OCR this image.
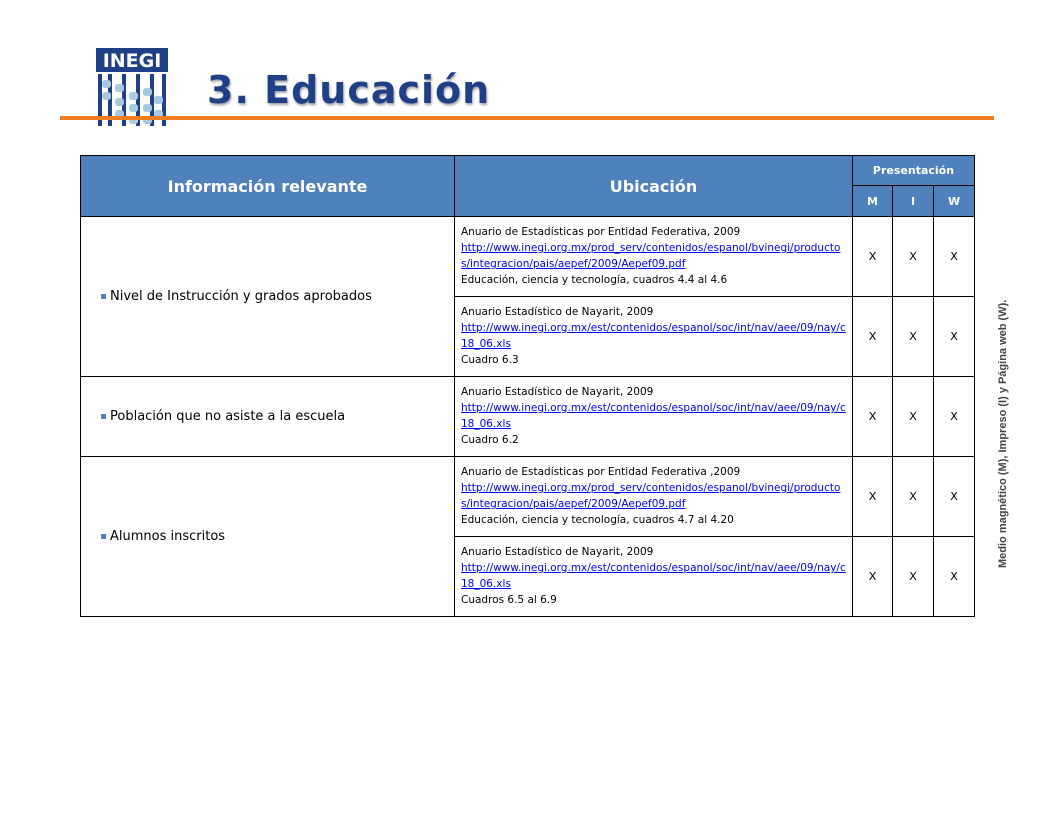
INEGI
3. Educación
Información relevante	Ubicación	Presentación		
		M	I	W
Nivel de Instrucción y grados aprobados	Anuario de Estadísticas por Entidad Federativa, 2009
http://www.inegi.org.mx/prod_serv/contenidos/espanol/bvinegi/productos/integracion/pais/aepef/2009/Aepef09.pdf
Educación, ciencia y tecnología, cuadros 4.4 al 4.6	X	X	X

	Anuario Estadístico de Nayarit, 2009
http://www.inegi.org.mx/est/contenidos/espanol/soc/int/nav/aee/09/nay/c18_06.xls
Cuadro 6.3	X	X	X
Población que no asiste a la escuela	Anuario Estadístico de Nayarit, 2009
http://www.inegi.org.mx/est/contenidos/espanol/soc/int/nav/aee/09/nay/c18_06.xls
Cuadro 6.2	X	X	X
Alumnos inscritos	Anuario de Estadísticas por Entidad Federativa ,2009
http://www.inegi.org.mx/prod_serv/contenidos/espanol/bvinegi/productos/integracion/pais/aepef/2009/Aepef09.pdf
Educación, ciencia y tecnología, cuadros 4.7 al 4.20	X	X	X

	Anuario Estadístico de Nayarit, 2009
http://www.inegi.org.mx/est/contenidos/espanol/soc/int/nav/aee/09/nay/c18_06.xls
Cuadros 6.5 al 6.9	X	X	X
Medio magnético (M), Impreso (I) y Página web (W).
